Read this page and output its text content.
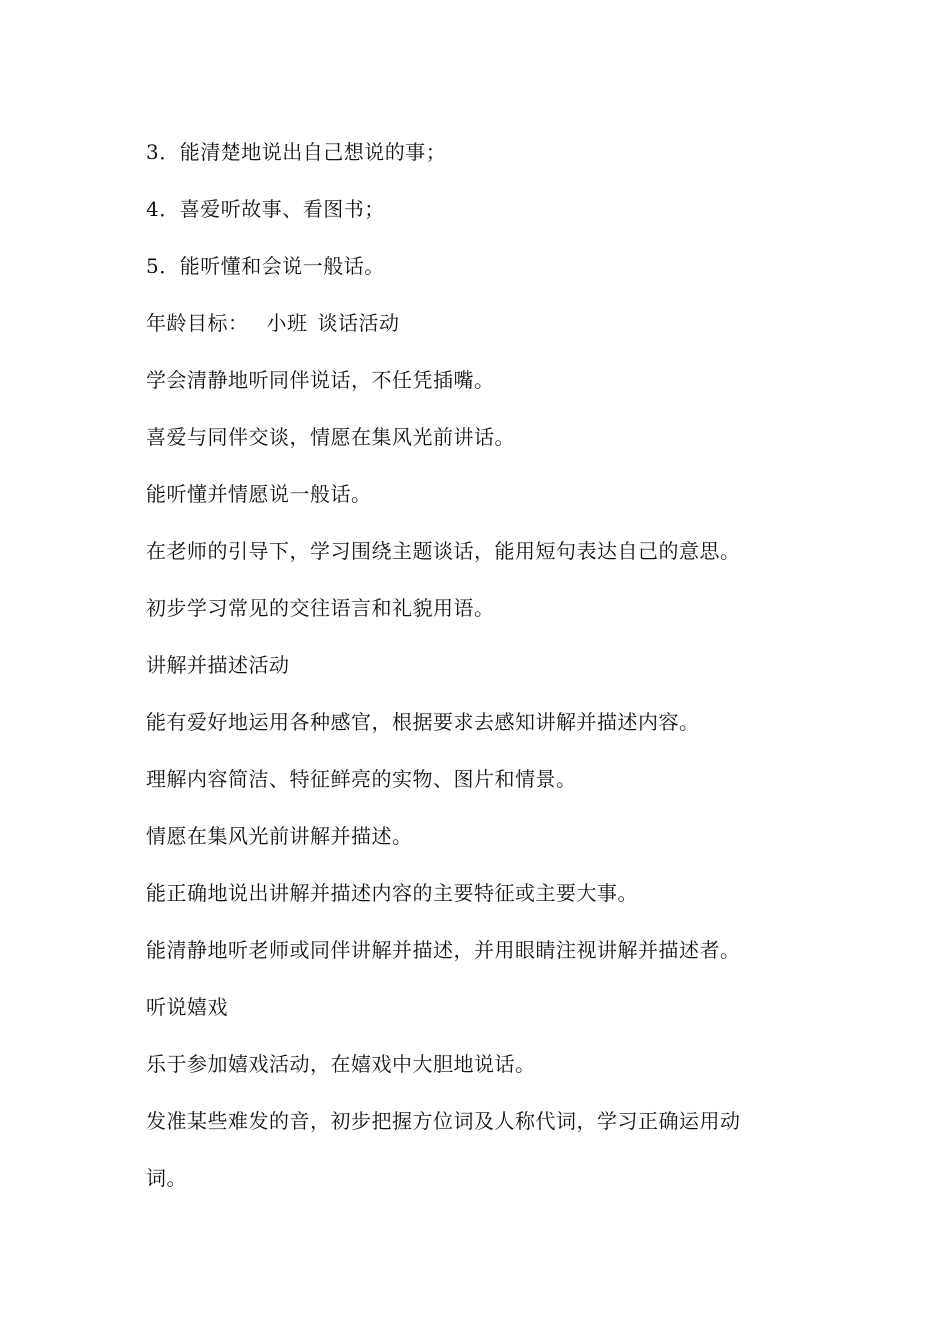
3．能清楚地说出自己想说的事；

4．喜爱听故事、看图书；

5．能听懂和会说一般话。

年龄目标： 小班 谈话活动

学会清静地听同伴说话，不任凭插嘴。

喜爱与同伴交谈，情愿在集风光前讲话。

能听懂并情愿说一般话。

在老师的引导下，学习围绕主题谈话，能用短句表达自己的意思。

初步学习常见的交往语言和礼貌用语。

讲解并描述活动

能有爱好地运用各种感官，根据要求去感知讲解并描述内容。

理解内容简洁、特征鲜亮的实物、图片和情景。

情愿在集风光前讲解并描述。

能正确地说出讲解并描述内容的主要特征或主要大事。

能清静地听老师或同伴讲解并描述，并用眼睛注视讲解并描述者。

听说嬉戏

乐于参加嬉戏活动，在嬉戏中大胆地说话。

发准某些难发的音，初步把握方位词及人称代词，学习正确运用动
词。
